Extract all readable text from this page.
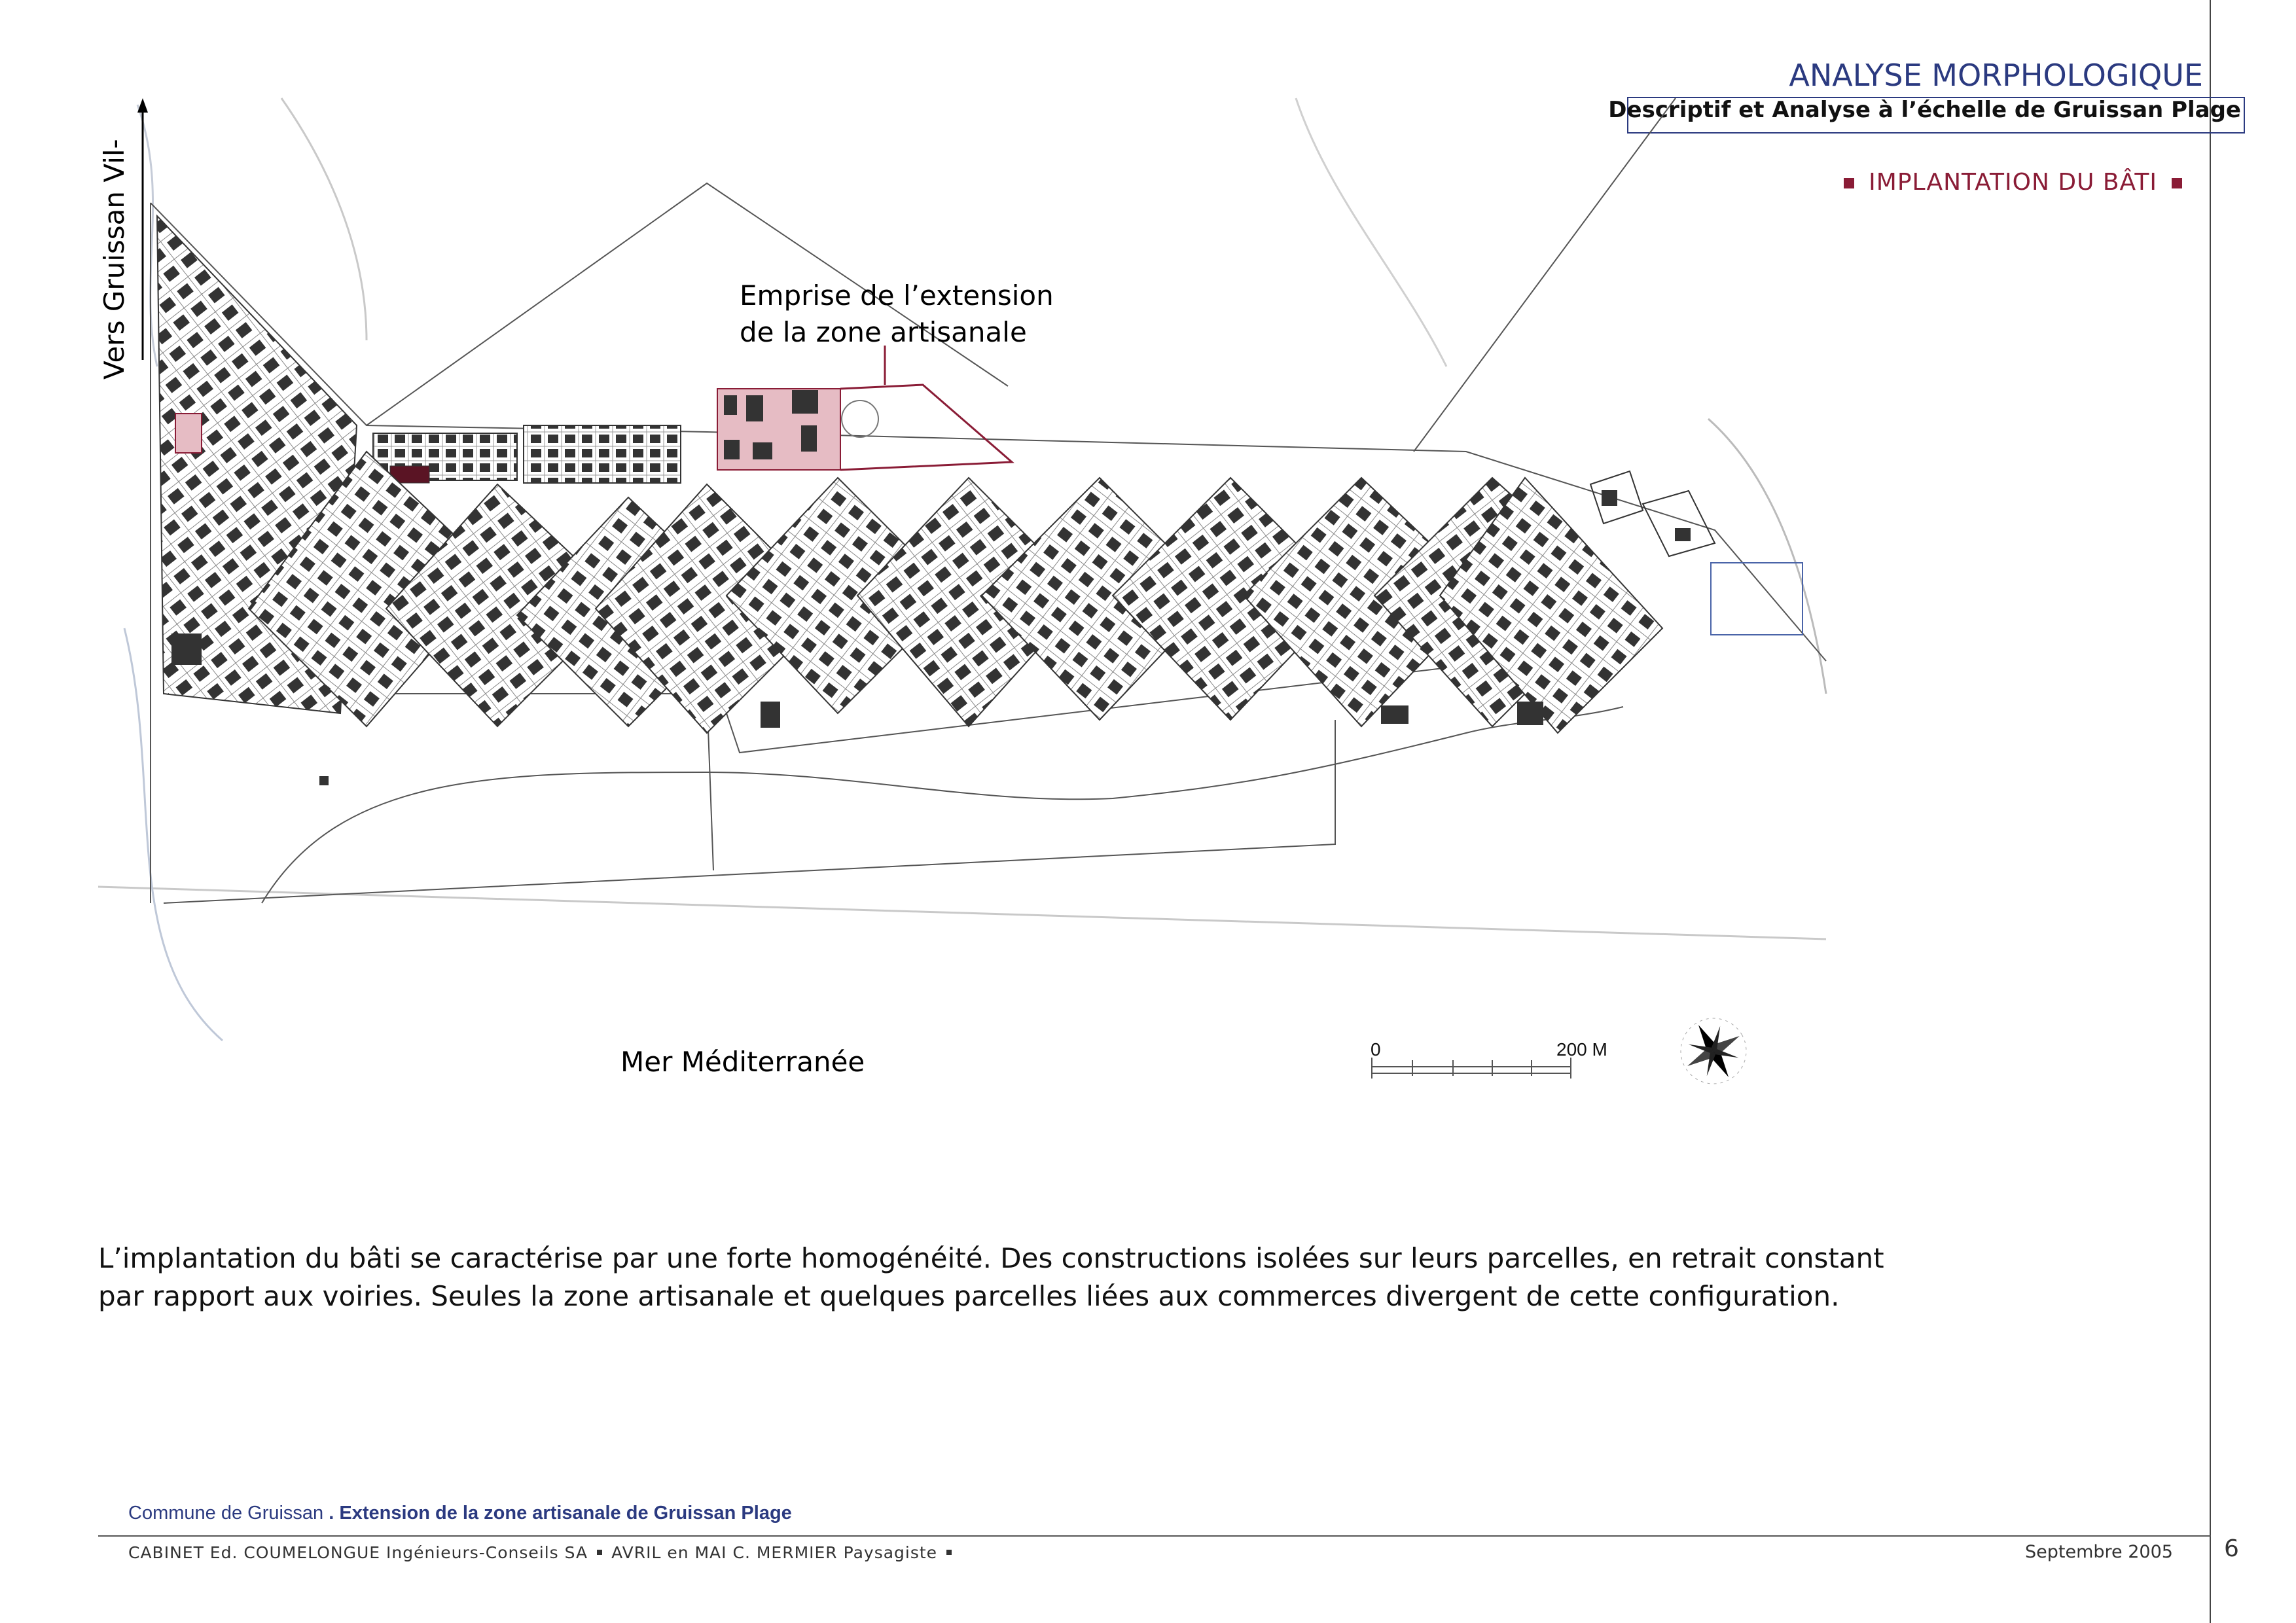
ANALYSE MORPHOLOGIQUE
Descriptif et Analyse à l’échelle de Gruissan Plage
IMPLANTATION DU BÂTI
Emprise de l’extension
de la zone artisanale
Vers Gruissan Vil-
Mer Méditerranée	0	200 M
L’implantation du bâti se caractérise par une forte homogénéité. Des constructions isolées sur leurs parcelles, en retrait constant
par rapport aux voiries. Seules la zone artisanale et quelques parcelles liées aux commerces divergent de cette configuration.
Commune de Gruissan . Extension de la zone artisanale de Gruissan Plage
CABINET Ed. COUMELONGUE Ingénieurs-Conseils SA AVRIL en MAI C. MERMIER Paysagiste	Septembre 2005 6
